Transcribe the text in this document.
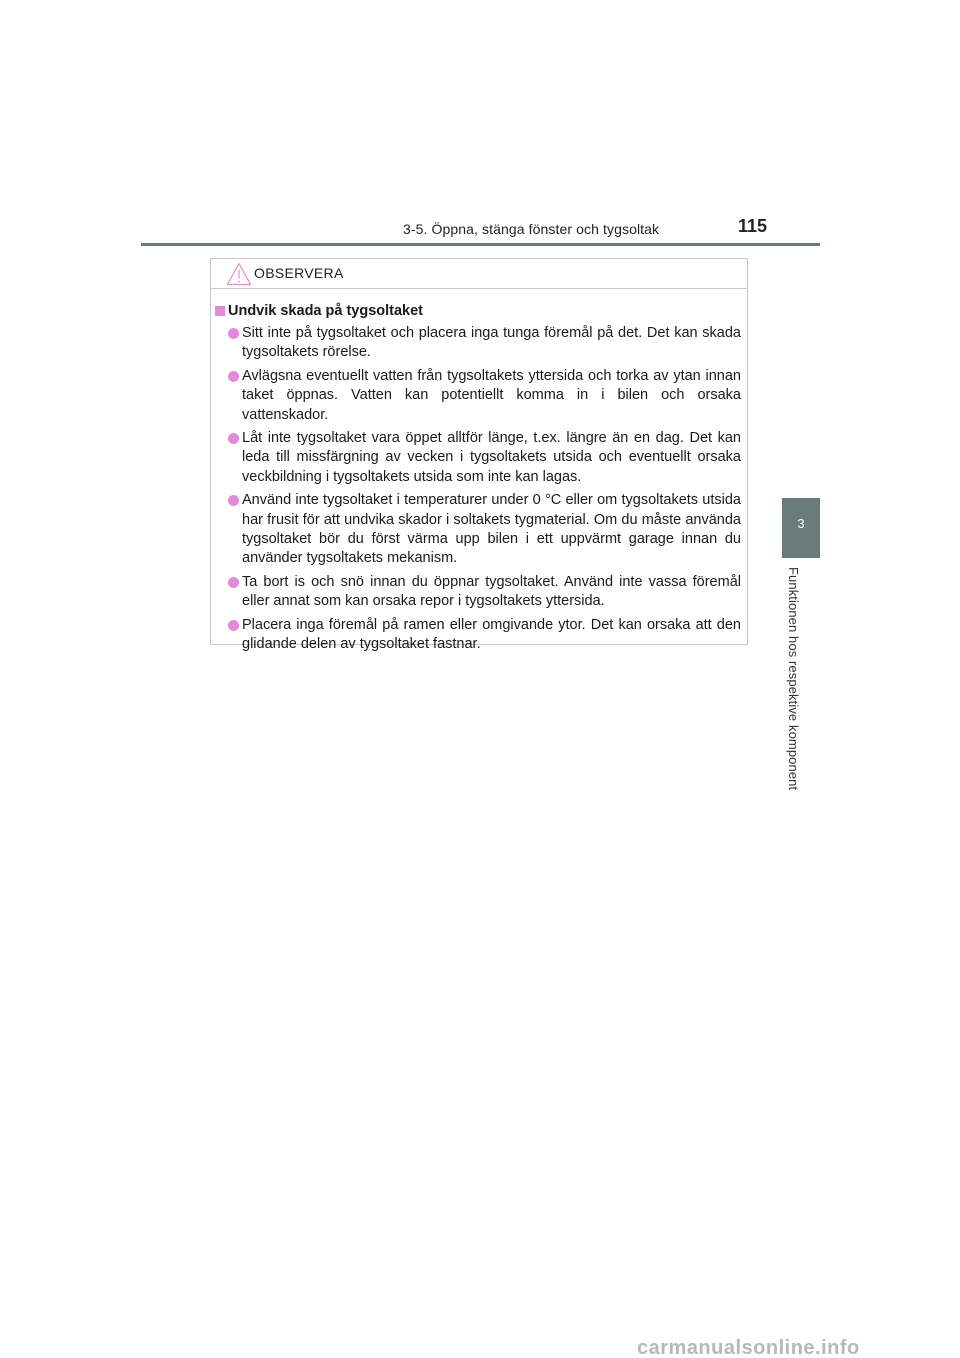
3-5. Öppna, stänga fönster och tygsoltak	115
3
Funktionen hos respektive komponent
OBSERVERA
Undvik skada på tygsoltaket
Sitt inte på tygsoltaket och placera inga tunga föremål på det. Det kan skada tygsoltakets rörelse.
Avlägsna eventuellt vatten från tygsoltakets yttersida och torka av ytan innan taket öppnas. Vatten kan potentiellt komma in i bilen och orsaka vattenskador.
Låt inte tygsoltaket vara öppet alltför länge, t.ex. längre än en dag. Det kan leda till missfärgning av vecken i tygsoltakets utsida och eventuellt orsaka veckbildning i tygsoltakets utsida som inte kan lagas.
Använd inte tygsoltaket i temperaturer under 0 °C eller om tygsoltakets utsida har frusit för att undvika skador i soltakets tygmaterial. Om du måste använda tygsoltaket bör du först värma upp bilen i ett uppvärmt garage innan du använder tygsoltakets mekanism.
Ta bort is och snö innan du öppnar tygsoltaket. Använd inte vassa föremål eller annat som kan orsaka repor i tygsoltakets yttersida.
Placera inga föremål på ramen eller omgivande ytor. Det kan orsaka att den glidande delen av tygsoltaket fastnar.
carmanualsonline.info
